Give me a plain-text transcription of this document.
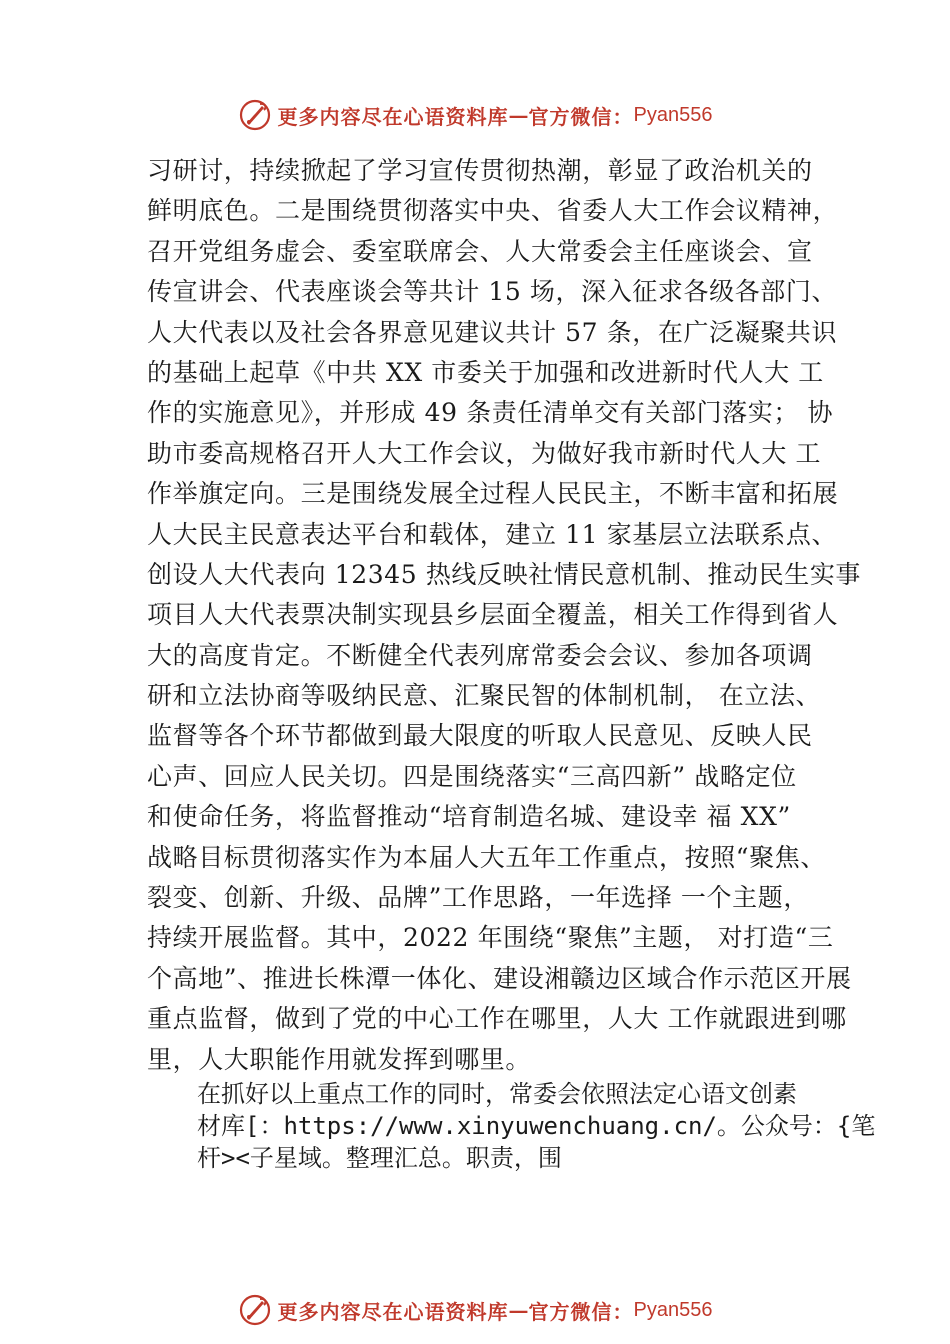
更多内容尽在心语资料库 — 官方微信： Pyan556
习研讨，持续掀起了学习宣传贯彻热潮，彰显了政治机关的
鲜明底色。二是围绕贯彻落实中央、省委人大工作会议精神，
召开党组务虚会、委室联席会、人大常委会主任座谈会、宣
传宣讲会、代表座谈会等共计 15 场，深入征求各级各部门、
人大代表以及社会各界意见建议共计 57 条，在广泛凝聚共识
的基础上起草《中共 XX 市委关于加强和改进新时代人大 工
作的实施意见》，并形成 49 条责任清单交有关部门落实； 协
助市委高规格召开人大工作会议，为做好我市新时代人大 工
作举旗定向。三是围绕发展全过程人民民主，不断丰富和拓展
人大民主民意表达平台和载体，建立 11 家基层立法联系点、
创设人大代表向 12345 热线反映社情民意机制、推动民生实事
项目人大代表票决制实现县乡层面全覆盖，相关工作得到省人
大的高度肯定。不断健全代表列席常委会会议、参加各项调
研和立法协商等吸纳民意、汇聚民智的体制机制， 在立法、
监督等各个环节都做到最大限度的听取人民意见、反映人民
心声、回应人民关切。四是围绕落实“三高四新” 战略定位
和使命任务，将监督推动“培育制造名城、建设幸 福 XX”
战略目标贯彻落实作为本届人大五年工作重点，按照“聚焦、
裂变、创新、升级、品牌”工作思路，一年选择 一个主题，
持续开展监督。其中，2022 年围绕“聚焦”主题， 对打造“三
个高地”、推进长株潭一体化、建设湘赣边区域合作示范区开展
重点监督，做到了党的中心工作在哪里，人大 工作就跟进到哪
里，人大职能作用就发挥到哪里。
在抓好以上重点工作的同时，常委会依照法定心语文创素
材库[：https://www.xinyuwenchuang.cn/。公众号：{笔
杆><子星域。整理汇总。职责，围
更多内容尽在心语资料库 — 官方微信： Pyan556
